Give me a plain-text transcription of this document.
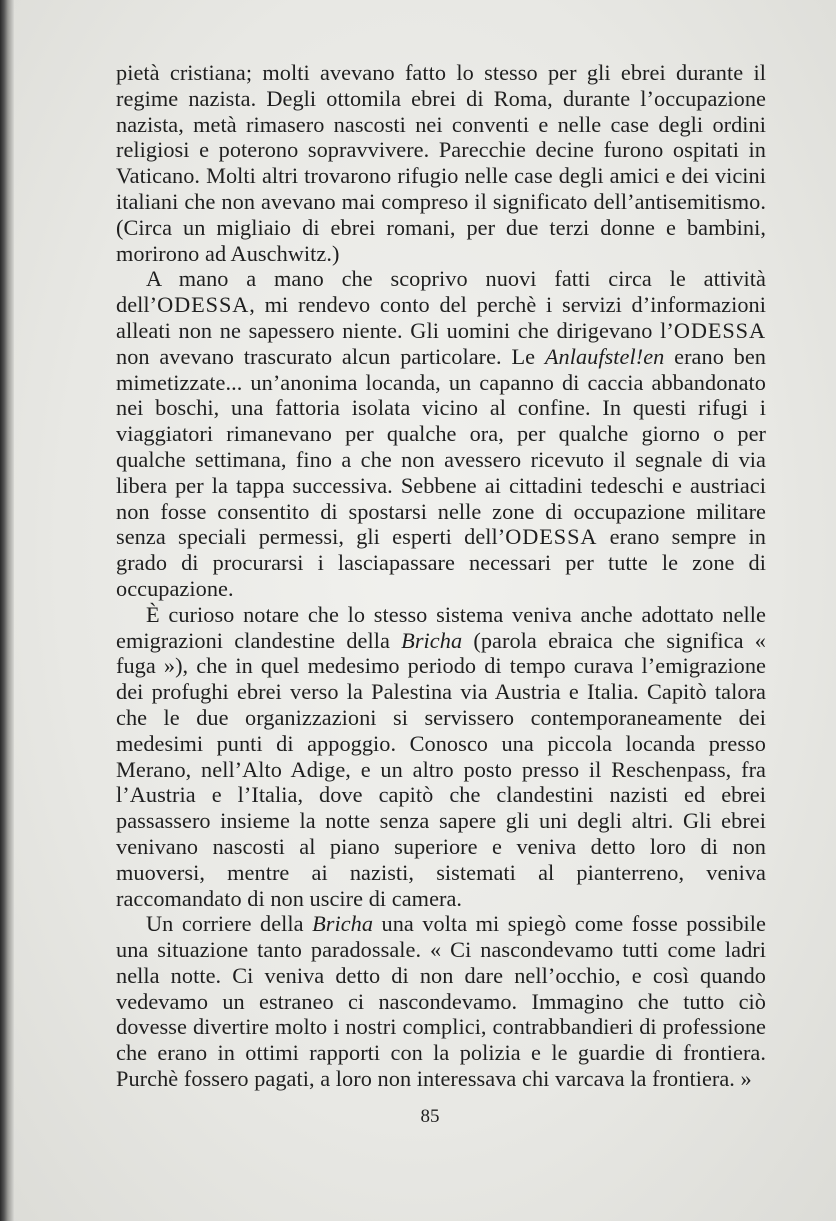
pietà cristiana; molti avevano fatto lo stesso per gli ebrei durante il regime nazista. Degli ottomila ebrei di Roma, durante l’occupazione nazista, metà rimasero nascosti nei conventi e nelle case degli ordini religiosi e poterono sopravvivere. Parecchie decine furono ospitati in Vaticano. Molti altri trovarono rifugio nelle case degli amici e dei vicini italiani che non avevano mai compreso il significato dell’antisemitismo. (Circa un migliaio di ebrei romani, per due terzi donne e bambini, morirono ad Auschwitz.)

A mano a mano che scoprivo nuovi fatti circa le attività dell’ODESSA, mi rendevo conto del perchè i servizi d’informazioni alleati non ne sapessero niente. Gli uomini che dirigevano l’ODESSA non avevano trascurato alcun particolare. Le Anlaufstel!en erano ben mimetizzate... un’anonima locanda, un capanno di caccia abbandonato nei boschi, una fattoria isolata vicino al confine. In questi rifugi i viaggiatori rimanevano per qualche ora, per qualche giorno o per qualche settimana, fino a che non avessero ricevuto il segnale di via libera per la tappa successiva. Sebbene ai cittadini tedeschi e austriaci non fosse consentito di spostarsi nelle zone di occupazione militare senza speciali permessi, gli esperti dell’ODESSA erano sempre in grado di procurarsi i lasciapassare necessari per tutte le zone di occupazione.

È curioso notare che lo stesso sistema veniva anche adottato nelle emigrazioni clandestine della Bricha (parola ebraica che significa « fuga »), che in quel medesimo periodo di tempo curava l’emigrazione dei profughi ebrei verso la Palestina via Austria e Italia. Capitò talora che le due organizzazioni si servissero contemporaneamente dei medesimi punti di appoggio. Conosco una piccola locanda presso Merano, nell’Alto Adige, e un altro posto presso il Reschenpass, fra l’Austria e l’Italia, dove capitò che clandestini nazisti ed ebrei passassero insieme la notte senza sapere gli uni degli altri. Gli ebrei venivano nascosti al piano superiore e veniva detto loro di non muoversi, mentre ai nazisti, sistemati al pianterreno, veniva raccomandato di non uscire di camera.

Un corriere della Bricha una volta mi spiegò come fosse possibile una situazione tanto paradossale. « Ci nascondevamo tutti come ladri nella notte. Ci veniva detto di non dare nell’occhio, e così quando vedevamo un estraneo ci nascondevamo. Immagino che tutto ciò dovesse divertire molto i nostri complici, contrabbandieri di professione che erano in ottimi rapporti con la polizia e le guardie di frontiera. Purchè fossero pagati, a loro non interessava chi varcava la frontiera. »

85
